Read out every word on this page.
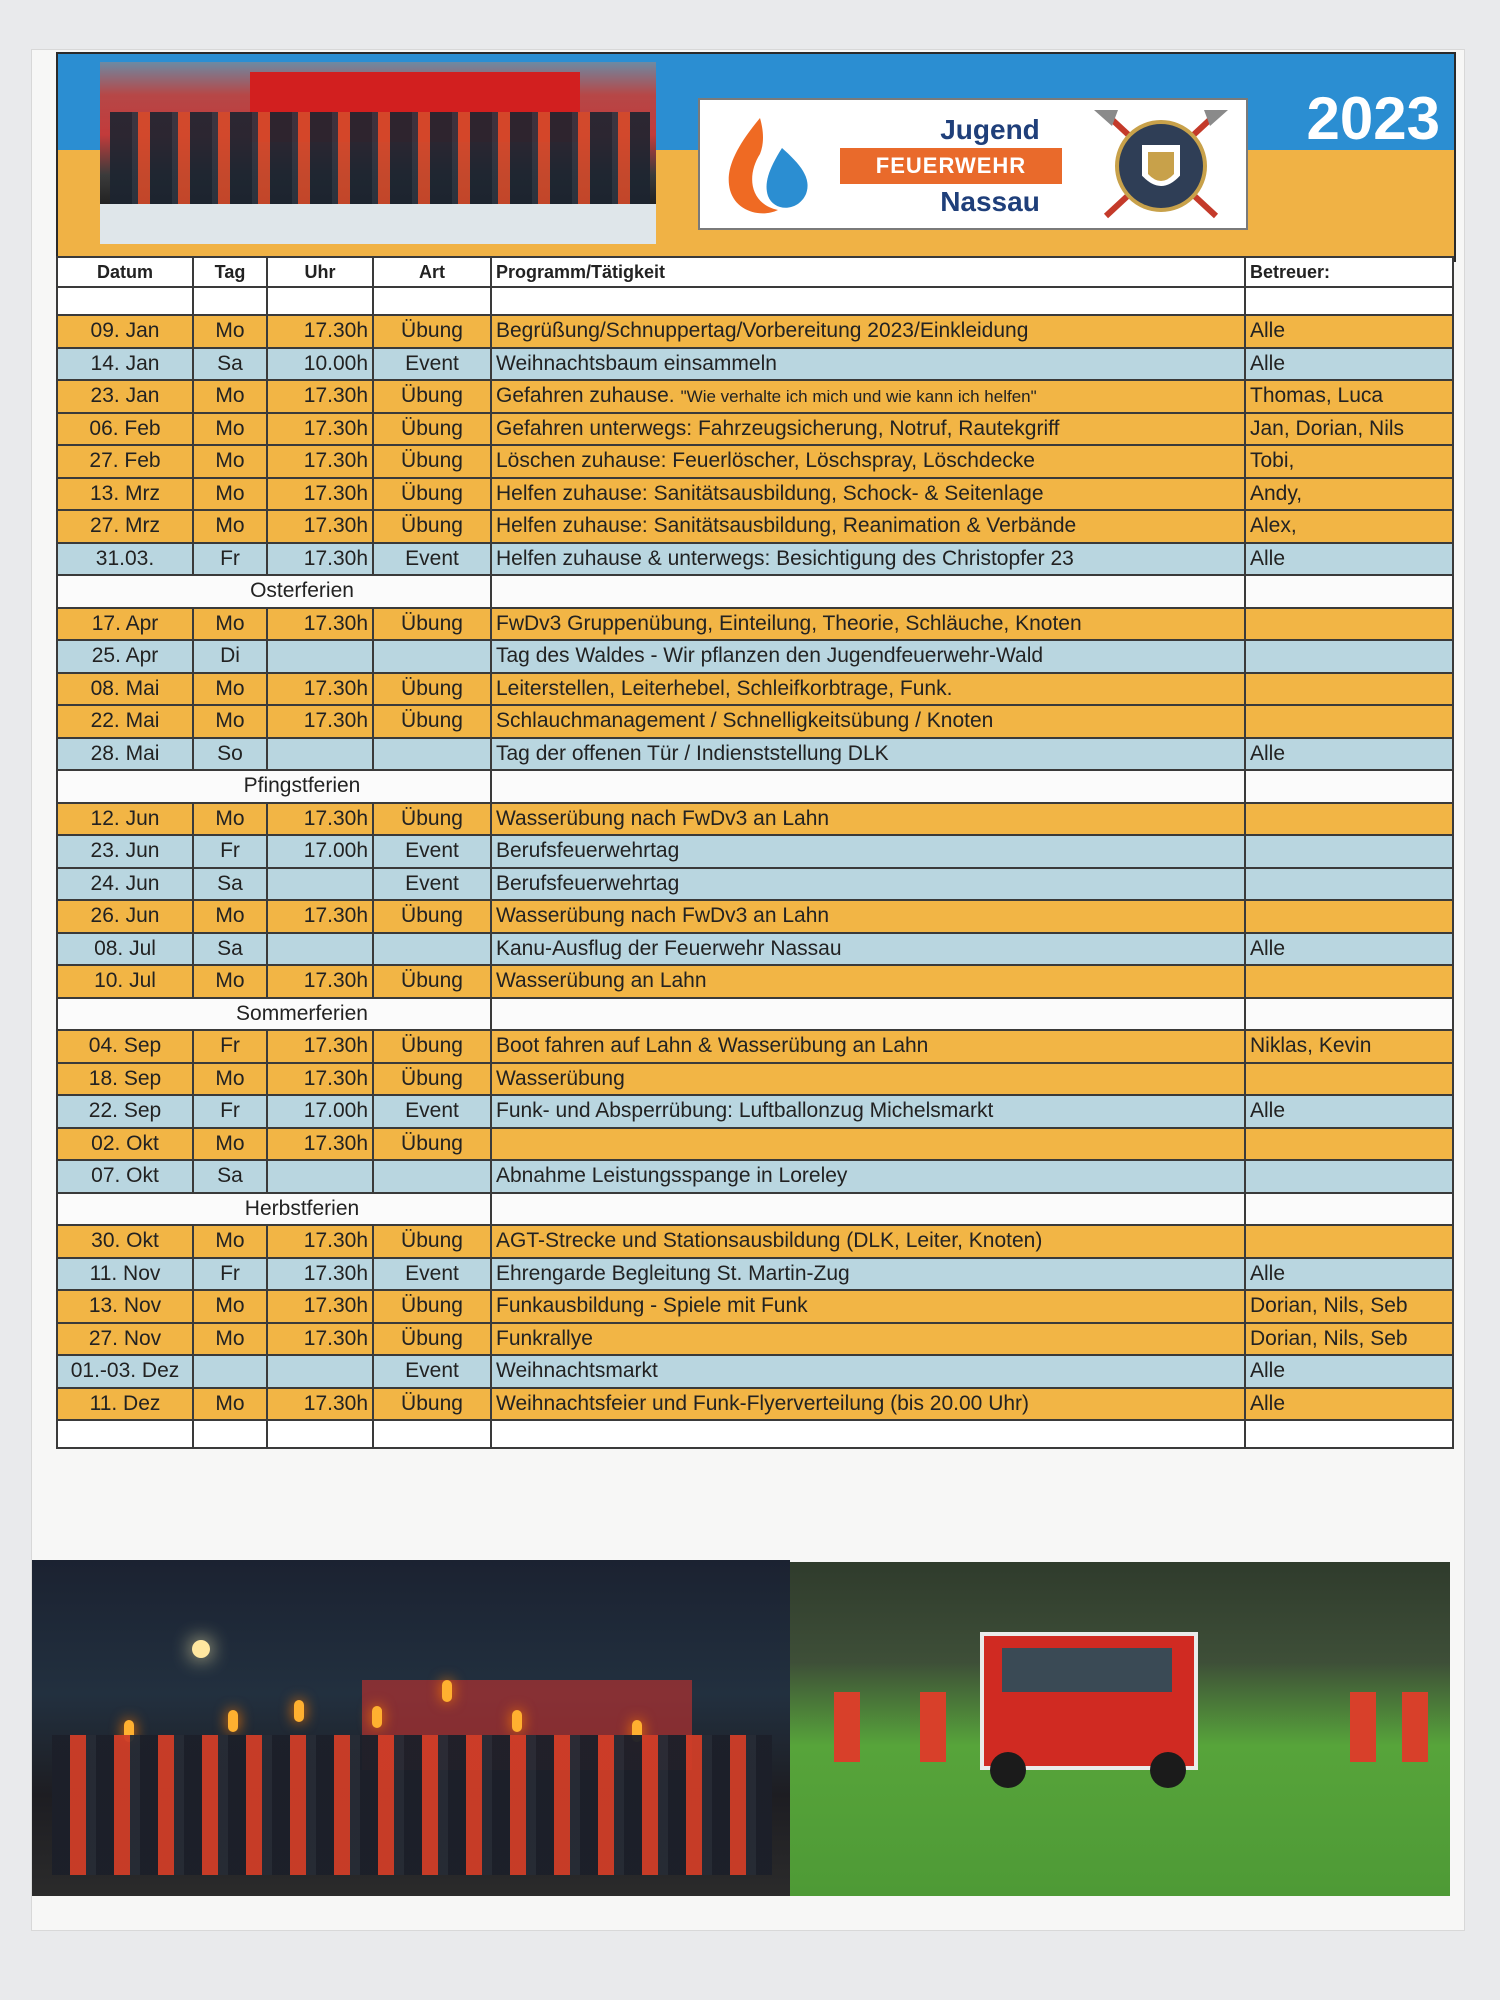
Jugend
FEUERWEHR
Nassau
2023
Datum	Tag	Uhr	Art	Programm/Tätigkeit	Betreuer:

09. Jan	Mo	17.30h	Übung	Begrüßung/Schnuppertag/Vorbereitung 2023/Einkleidung	Alle
14. Jan	Sa	10.00h	Event	Weihnachtsbaum einsammeln	Alle
23. Jan	Mo	17.30h	Übung	Gefahren zuhause. "Wie verhalte ich mich und wie kann ich helfen"	Thomas, Luca
06. Feb	Mo	17.30h	Übung	Gefahren unterwegs: Fahrzeugsicherung, Notruf, Rautekgriff	Jan, Dorian, Nils
27. Feb	Mo	17.30h	Übung	Löschen zuhause: Feuerlöscher, Löschspray, Löschdecke	Tobi,
13. Mrz	Mo	17.30h	Übung	Helfen zuhause: Sanitätsausbildung, Schock- & Seitenlage	Andy,
27. Mrz	Mo	17.30h	Übung	Helfen zuhause: Sanitätsausbildung, Reanimation & Verbände	Alex,
31.03.	Fr	17.30h	Event	Helfen zuhause & unterwegs: Besichtigung des Christopfer 23	Alle
Osterferien					
17. Apr	Mo	17.30h	Übung	FwDv3 Gruppenübung, Einteilung, Theorie, Schläuche, Knoten	
25. Apr	Di			Tag des Waldes - Wir pflanzen den Jugendfeuerwehr-Wald	
08. Mai	Mo	17.30h	Übung	Leiterstellen, Leiterhebel, Schleifkorbtrage, Funk.	
22. Mai	Mo	17.30h	Übung	Schlauchmanagement / Schnelligkeitsübung / Knoten	
28. Mai	So			Tag der offenen Tür / Indienststellung DLK	Alle
Pfingstferien					
12. Jun	Mo	17.30h	Übung	Wasserübung nach FwDv3 an Lahn	
23. Jun	Fr	17.00h	Event	Berufsfeuerwehrtag	
24. Jun	Sa		Event	Berufsfeuerwehrtag	
26. Jun	Mo	17.30h	Übung	Wasserübung nach FwDv3 an Lahn	
08. Jul	Sa			Kanu-Ausflug der Feuerwehr Nassau	Alle
10. Jul	Mo	17.30h	Übung	Wasserübung an Lahn	
Sommerferien					
04. Sep	Fr	17.30h	Übung	Boot fahren auf Lahn & Wasserübung an Lahn	Niklas, Kevin
18. Sep	Mo	17.30h	Übung	Wasserübung	
22. Sep	Fr	17.00h	Event	Funk- und Absperrübung: Luftballonzug Michelsmarkt	Alle
02. Okt	Mo	17.30h	Übung		
07. Okt	Sa			Abnahme Leistungsspange in Loreley	
Herbstferien					
30. Okt	Mo	17.30h	Übung	AGT-Strecke und Stationsausbildung (DLK, Leiter, Knoten)	
11. Nov	Fr	17.30h	Event	Ehrengarde Begleitung St. Martin-Zug	Alle
13. Nov	Mo	17.30h	Übung	Funkausbildung - Spiele mit Funk	Dorian, Nils, Seb
27. Nov	Mo	17.30h	Übung	Funkrallye	Dorian, Nils, Seb
01.-03. Dez			Event	Weihnachtsmarkt	Alle
11. Dez	Mo	17.30h	Übung	Weihnachtsfeier und Funk-Flyerverteilung (bis 20.00 Uhr)	Alle
